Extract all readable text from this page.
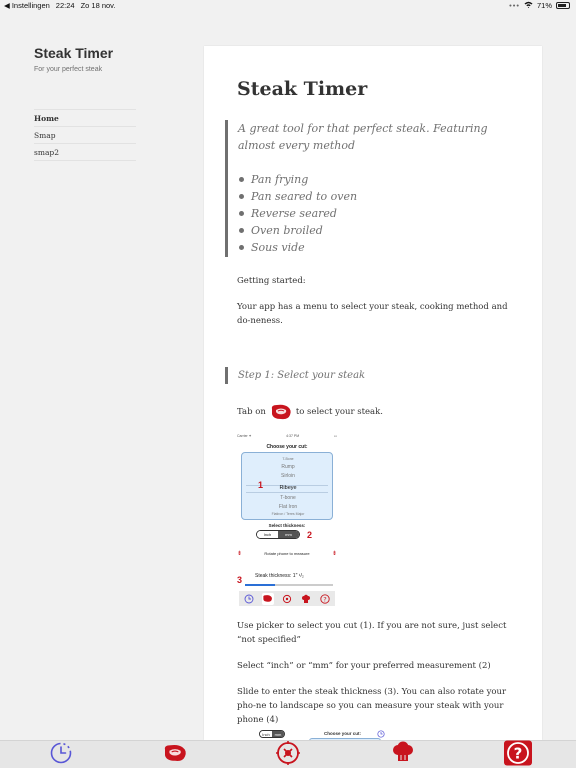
◀ Instellingen 22:24 Zo 18 nov.	••• 71%
Steak Timer
For your perfect steak
Home
Smap
smap2
Steak Timer
A great tool for that perfect steak. Featuring almost every method
Pan frying
Pan seared to oven
Reverse seared
Oven broiled
Sous vide

Getting started:

Your app has a menu to select your steak, cooking method and do-neness.

Step 1: Select your steak
Tab on	to select your steak.
Carrier ✦	4:37 PM	▭
Choose your cut:
T-Bone
Rump
Sirloin
Ribeye
T-bone
Flat Iron
Flatiron / Teres Major
1
Select thickness:
Inch	mm	2
⇟	Rotate phone to measure	⇟
Steak thickness: 1'' ¹/₂
3
?

Use picker to select you cut (1). If you are not sure, just select “not specified”

Select “inch” or “mm” for your preferred measurement (2)

Slide to enter the steak thickness (3). You can also rotate your pho-ne to landscape so you can measure your steak with your phone (4)

Inch	mm	Choose your cut:
?
